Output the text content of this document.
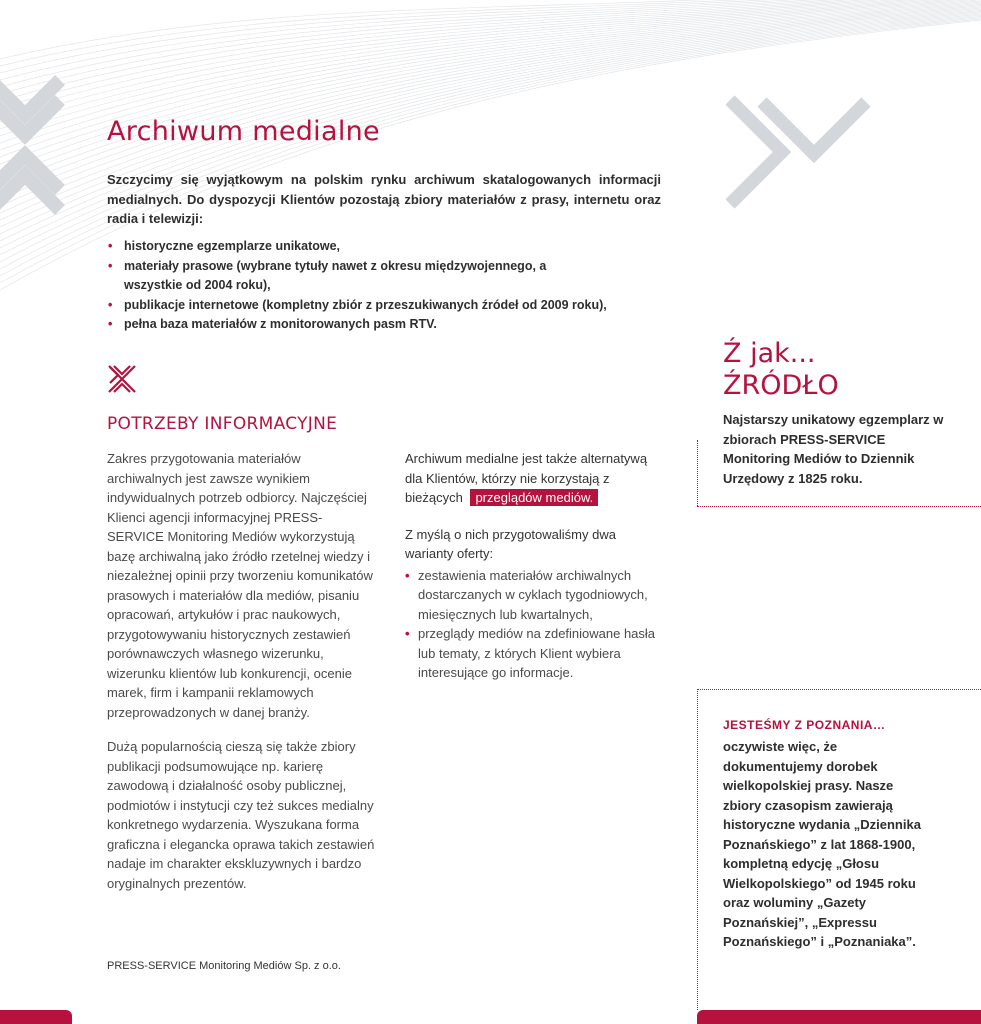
Archiwum medialne

Szczycimy się wyjątkowym na polskim rynku archiwum skatalogowanych informacji medialnych. Do dyspozycji Klientów pozostają zbiory materiałów z prasy, internetu oraz radia i telewizji:

• historyczne egzemplarze unikatowe,
• materiały prasowe (wybrane tytuły nawet z okresu międzywojennego, a wszystkie od 2004 roku),
• publikacje internetowe (kompletny zbiór z przeszukiwanych źródeł od 2009 roku),
• pełna baza materiałów z monitorowanych pasm RTV.
POTRZEBY INFORMACYJNE

Zakres przygotowania materiałów archiwalnych jest zawsze wynikiem indywidualnych potrzeb odbiorcy. Najczęściej Klienci agencji informacyjnej PRESS-SERVICE Monitoring Mediów wykorzystują bazę archiwalną jako źródło rzetelnej wiedzy i niezależnej opinii przy tworzeniu komunikatów prasowych i materiałów dla mediów, pisaniu opracowań, artykułów i prac naukowych, przygotowywaniu historycznych zestawień porównawczych własnego wizerunku, wizerunku klientów lub konkurencji, ocenie marek, firm i kampanii reklamowych przeprowadzonych w danej branży.

Dużą popularnością cieszą się także zbiory publikacji podsumowujące np. karierę zawodową i działalność osoby publicznej, podmiotów i instytucji czy też sukces medialny konkretnego wydarzenia. Wyszukana forma graficzna i elegancka oprawa takich zestawień nadaje im charakter ekskluzywnych i bardzo oryginalnych prezentów.

Archiwum medialne jest także alternatywą dla Klientów, którzy nie korzystają z bieżących przeglądów mediów.

Z myślą o nich przygotowaliśmy dwa warianty oferty:

• zestawienia materiałów archiwalnych dostarczanych w cyklach tygodniowych, miesięcznych lub kwartalnych,
• przeglądy mediów na zdefiniowane hasła lub tematy, z których Klient wybiera interesujące go informacje.
PRESS-SERVICE Monitoring Mediów Sp. z o.o.
Ź jak...
ŹRÓDŁO

Najstarszy unikatowy egzemplarz w zbiorach PRESS-SERVICE Monitoring Mediów to Dziennik Urzędowy z 1825 roku.

JESTEŚMY Z POZNANIA…

oczywiste więc, że dokumentujemy dorobek wielkopolskiej prasy. Nasze zbiory czasopism zawierają historyczne wydania „Dziennika Poznańskiego” z lat 1868-1900, kompletną edycję „Głosu Wielkopolskiego” od 1945 roku oraz woluminy „Gazety Poznańskiej”, „Expressu Poznańskiego” i „Poznaniaka”.
